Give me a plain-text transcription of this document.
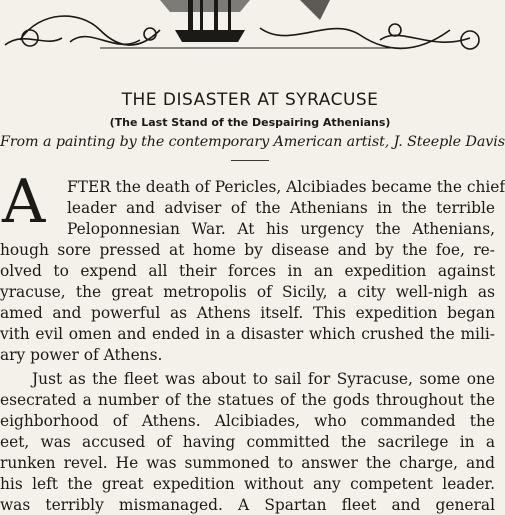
THE DISASTER AT SYRACUSE
(The Last Stand of the Despairing Athenians)
From a painting by the contemporary American artist, J. Steeple Davis
A FTER the death of Pericles, Alcibiades became the chief
leader and adviser of the Athenians in the terrible
Peloponnesian War. At his urgency the Athenians,
hough sore pressed at home by disease and by the foe, re-
olved to expend all their forces in an expedition against
yracuse, the great metropolis of Sicily, a city well-nigh as
amed and powerful as Athens itself. This expedition began
vith evil omen and ended in a disaster which crushed the mili-
ary power of Athens.
Just as the fleet was about to sail for Syracuse, some one
esecrated a number of the statues of the gods throughout the
eighborhood of Athens. Alcibiades, who commanded the
eet, was accused of having committed the sacrilege in a
runken revel. He was summoned to answer the charge, and
his left the great expedition without any competent leader.
was terribly mismanaged. A Spartan fleet and general
